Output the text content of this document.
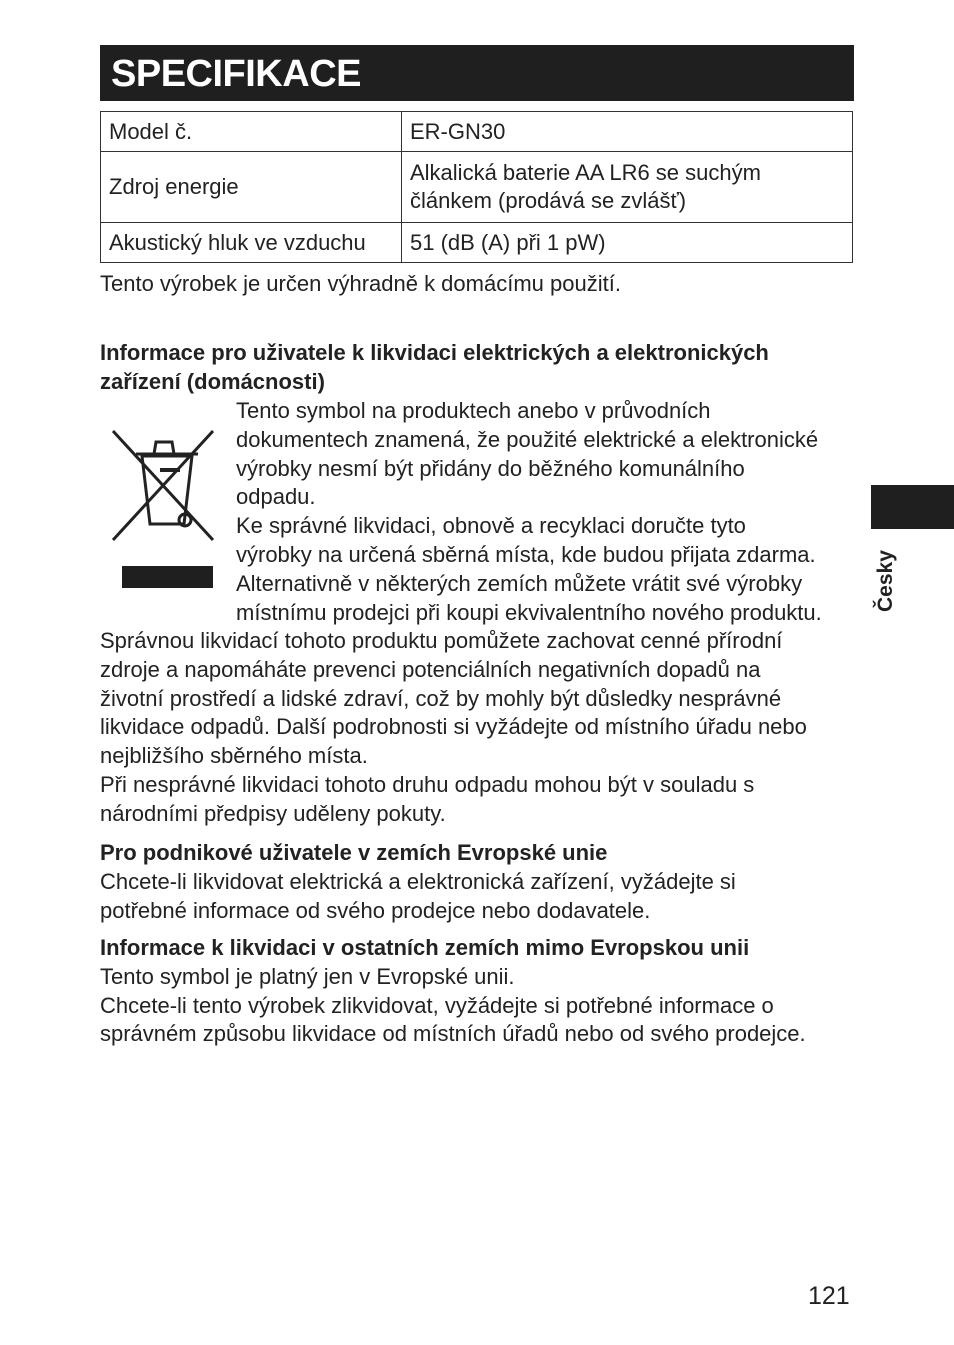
SPECIFIKACE
Model č.	ER-GN30

Zdroj energie	Alkalická baterie AA LR6 se suchým
článkem (prodává se zvlášť)

Akustický hluk ve vzduchu	51 (dB (A) při 1 pW)
Tento výrobek je určen výhradně k domácímu použití.
Informace pro uživatele k likvidaci elektrických a elektronických
zařízení (domácnosti)
Tento symbol na produktech anebo v průvodních
dokumentech znamená, že použité elektrické a elektronické
výrobky nesmí být přidány do běžného komunálního
odpadu.
Ke správné likvidaci, obnově a recyklaci doručte tyto
výrobky na určená sběrná místa, kde budou přijata zdarma.
Alternativně v některých zemích můžete vrátit své výrobky
místnímu prodejci při koupi ekvivalentního nového produktu.
Správnou likvidací tohoto produktu pomůžete zachovat cenné přírodní
zdroje a napomáháte prevenci potenciálních negativních dopadů na
životní prostředí a lidské zdraví, což by mohly být důsledky nesprávné
likvidace odpadů. Další podrobnosti si vyžádejte od místního úřadu nebo
nejbližšího sběrného místa.
Při nesprávné likvidaci tohoto druhu odpadu mohou být v souladu s
národními předpisy uděleny pokuty.
Pro podnikové uživatele v zemích Evropské unie
Chcete-li likvidovat elektrická a elektronická zařízení, vyžádejte si
potřebné informace od svého prodejce nebo dodavatele.
Informace k likvidaci v ostatních zemích mimo Evropskou unii
Tento symbol je platný jen v Evropské unii.
Chcete-li tento výrobek zlikvidovat, vyžádejte si potřebné informace o
správném způsobu likvidace od místních úřadů nebo od svého prodejce.
Česky
121
